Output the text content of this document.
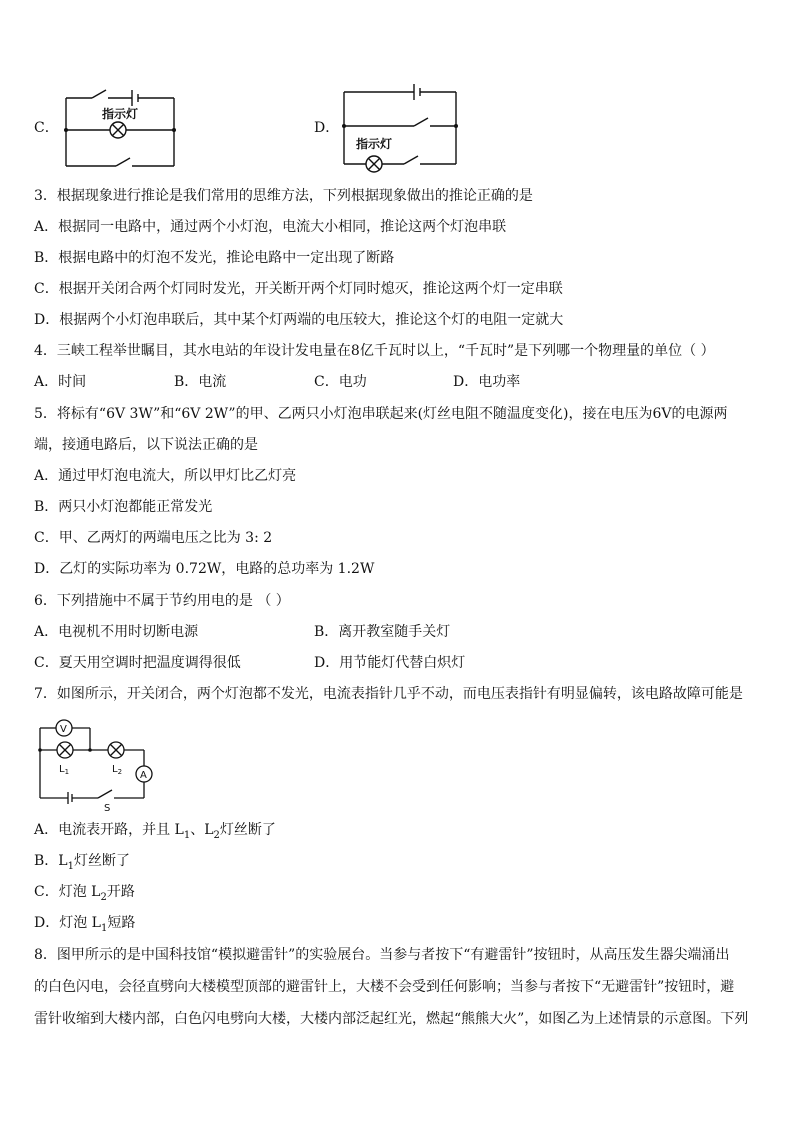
C．
指示灯
D．
指示灯
3．根据现象进行推论是我们常用的思维方法，下列根据现象做出的推论正确的是
A．根据同一电路中，通过两个小灯泡，电流大小相同，推论这两个灯泡串联
B．根据电路中的灯泡不发光，推论电路中一定出现了断路
C．根据开关闭合两个灯同时发光，开关断开两个灯同时熄灭，推论这两个灯一定串联
D．根据两个小灯泡串联后，其中某个灯两端的电压较大，推论这个灯的电阻一定就大
4．三峡工程举世瞩目，其水电站的年设计发电量在8亿千瓦时以上，“千瓦时”是下列哪一个物理量的单位（ ）
A．时间	B．电流	C．电功	D．电功率
5．将标有“6V 3W”和“6V 2W”的甲、乙两只小灯泡串联起来(灯丝电阻不随温度变化)，接在电压为6V的电源两
端，接通电路后，以下说法正确的是
A．通过甲灯泡电流大，所以甲灯比乙灯亮
B．两只小灯泡都能正常发光
C．甲、乙两灯的两端电压之比为 3: 2
D．乙灯的实际功率为 0.72W，电路的总功率为 1.2W
6．下列措施中不属于节约用电的是 （ ）
A．电视机不用时切断电源	B．离开教室随手关灯
C．夏天用空调时把温度调得很低	D．用节能灯代替白炽灯
7．如图所示，开关闭合，两个灯泡都不发光，电流表指针几乎不动，而电压表指针有明显偏转，该电路故障可能是
V
A
$L_1$	$L_2$
S
A．电流表开路，并且 $L_1$、$L_2$灯丝断了
B．$L_1$灯丝断了
C．灯泡 $L_2$开路
D．灯泡 $L_1$短路
8．图甲所示的是中国科技馆“模拟避雷针”的实验展台。当参与者按下“有避雷针”按钮时，从高压发生器尖端涌出
的白色闪电，会径直劈向大楼模型顶部的避雷针上，大楼不会受到任何影响；当参与者按下“无避雷针”按钮时，避
雷针收缩到大楼内部，白色闪电劈向大楼，大楼内部泛起红光，燃起“熊熊大火”，如图乙为上述情景的示意图。下列
